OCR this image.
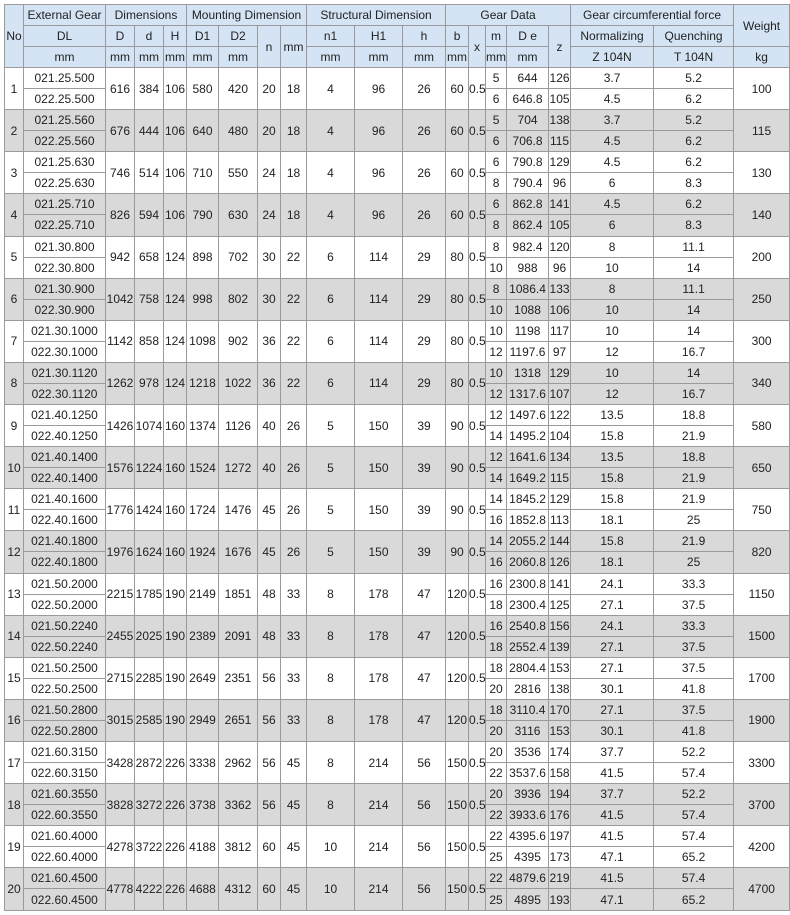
No	External Gear	Dimensions			Mounting Dimension				Structural Dimension			Gear Data					Gear circumferential force		Weight
	DL	D	d	H	D1	D2	n	mm	n1	H1	h	b	x	m	D e	z	Normalizing	Quenching	
	mm	mm	mm	mm	mm	mm			mm	mm	mm	mm		mm	mm		Z 104N	T 104N	kg
1	021.25.500	616	384	106	580	420	20	18	4	96	26	60	0.5	5	644	126	3.7	5.2	100
	022.25.500													6	646.8	105	4.5	6.2	
2	021.25.560	676	444	106	640	480	20	18	4	96	26	60	0.5	5	704	138	3.7	5.2	115
	022.25.560													6	706.8	115	4.5	6.2	
3	021.25.630	746	514	106	710	550	24	18	4	96	26	60	0.5	6	790.8	129	4.5	6.2	130
	022.25.630													8	790.4	96	6	8.3	
4	021.25.710	826	594	106	790	630	24	18	4	96	26	60	0.5	6	862.8	141	4.5	6.2	140
	022.25.710													8	862.4	105	6	8.3	
5	021.30.800	942	658	124	898	702	30	22	6	114	29	80	0.5	8	982.4	120	8	11.1	200
	022.30.800													10	988	96	10	14	
6	021.30.900	1042	758	124	998	802	30	22	6	114	29	80	0.5	8	1086.4	133	8	11.1	250
	022.30.900													10	1088	106	10	14	
7	021.30.1000	1142	858	124	1098	902	36	22	6	114	29	80	0.5	10	1198	117	10	14	300
	022.30.1000													12	1197.6	97	12	16.7	
8	021.30.1120	1262	978	124	1218	1022	36	22	6	114	29	80	0.5	10	1318	129	10	14	340
	022.30.1120													12	1317.6	107	12	16.7	
9	021.40.1250	1426	1074	160	1374	1126	40	26	5	150	39	90	0.5	12	1497.6	122	13.5	18.8	580
	022.40.1250													14	1495.2	104	15.8	21.9	
10	021.40.1400	1576	1224	160	1524	1272	40	26	5	150	39	90	0.5	12	1641.6	134	13.5	18.8	650
	022.40.1400													14	1649.2	115	15.8	21.9	
11	021.40.1600	1776	1424	160	1724	1476	45	26	5	150	39	90	0.5	14	1845.2	129	15.8	21.9	750
	022.40.1600													16	1852.8	113	18.1	25	
12	021.40.1800	1976	1624	160	1924	1676	45	26	5	150	39	90	0.5	14	2055.2	144	15.8	21.9	820
	022.40.1800													16	2060.8	126	18.1	25	
13	021.50.2000	2215	1785	190	2149	1851	48	33	8	178	47	120	0.5	16	2300.8	141	24.1	33.3	1150
	022.50.2000													18	2300.4	125	27.1	37.5	
14	021.50.2240	2455	2025	190	2389	2091	48	33	8	178	47	120	0.5	16	2540.8	156	24.1	33.3	1500
	022.50.2240													18	2552.4	139	27.1	37.5	
15	021.50.2500	2715	2285	190	2649	2351	56	33	8	178	47	120	0.5	18	2804.4	153	27.1	37.5	1700
	022.50.2500													20	2816	138	30.1	41.8	
16	021.50.2800	3015	2585	190	2949	2651	56	33	8	178	47	120	0.5	18	3110.4	170	27.1	37.5	1900
	022.50.2800													20	3116	153	30.1	41.8	
17	021.60.3150	3428	2872	226	3338	2962	56	45	8	214	56	150	0.5	20	3536	174	37.7	52.2	3300
	022.60.3150													22	3537.6	158	41.5	57.4	
18	021.60.3550	3828	3272	226	3738	3362	56	45	8	214	56	150	0.5	20	3936	194	37.7	52.2	3700
	022.60.3550													22	3933.6	176	41.5	57.4	
19	021.60.4000	4278	3722	226	4188	3812	60	45	10	214	56	150	0.5	22	4395.6	197	41.5	57.4	4200
	022.60.4000													25	4395	173	47.1	65.2	
20	021.60.4500	4778	4222	226	4688	4312	60	45	10	214	56	150	0.5	22	4879.6	219	41.5	57.4	4700
	022.60.4500													25	4895	193	47.1	65.2	
